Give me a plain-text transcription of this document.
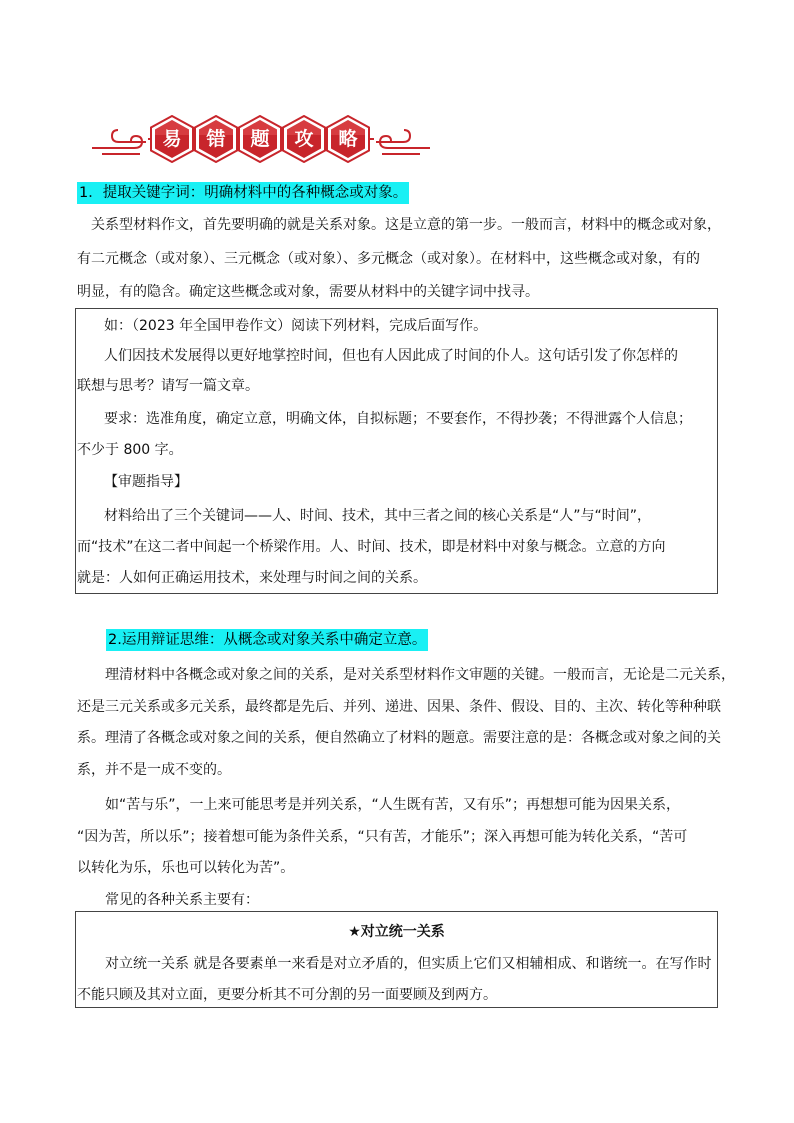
易	错	题	攻	略
1．提取关键字词：明确材料中的各种概念或对象。
关系型材料作文，首先要明确的就是关系对象。这是立意的第一步。一般而言，材料中的概念或对象，
有二元概念（或对象）、三元概念（或对象）、多元概念（或对象）。在材料中，这些概念或对象，有的
明显，有的隐含。确定这些概念或对象，需要从材料中的关键字词中找寻。
如：（2023 年全国甲卷作文）阅读下列材料，完成后面写作。
人们因技术发展得以更好地掌控时间，但也有人因此成了时间的仆人。这句话引发了你怎样的
联想与思考？请写一篇文章。
要求：选准角度，确定立意，明确文体，自拟标题；不要套作，不得抄袭；不得泄露个人信息；
不少于 800 字。
【审题指导】
材料给出了三个关键词——人、时间、技术，其中三者之间的核心关系是“人”与“时间”，
而“技术”在这二者中间起一个桥梁作用。人、时间、技术，即是材料中对象与概念。立意的方向
就是：人如何正确运用技术，来处理与时间之间的关系。
2.运用辩证思维：从概念或对象关系中确定立意。
理清材料中各概念或对象之间的关系，是对关系型材料作文审题的关键。一般而言，无论是二元关系，
还是三元关系或多元关系，最终都是先后、并列、递进、因果、条件、假设、目的、主次、转化等种种联
系。理清了各概念或对象之间的关系，便自然确立了材料的题意。需要注意的是：各概念或对象之间的关
系，并不是一成不变的。
如“苦与乐”，一上来可能思考是并列关系，“人生既有苦，又有乐”；再想想可能为因果关系，
“因为苦，所以乐”；接着想可能为条件关系，“只有苦，才能乐”；深入再想可能为转化关系，“苦可
以转化为乐，乐也可以转化为苦”。
常见的各种关系主要有：
★对立统一关系
对立统一关系 就是各要素单一来看是对立矛盾的，但实质上它们又相辅相成、和谐统一。在写作时
不能只顾及其对立面，更要分析其不可分割的另一面要顾及到两方。
